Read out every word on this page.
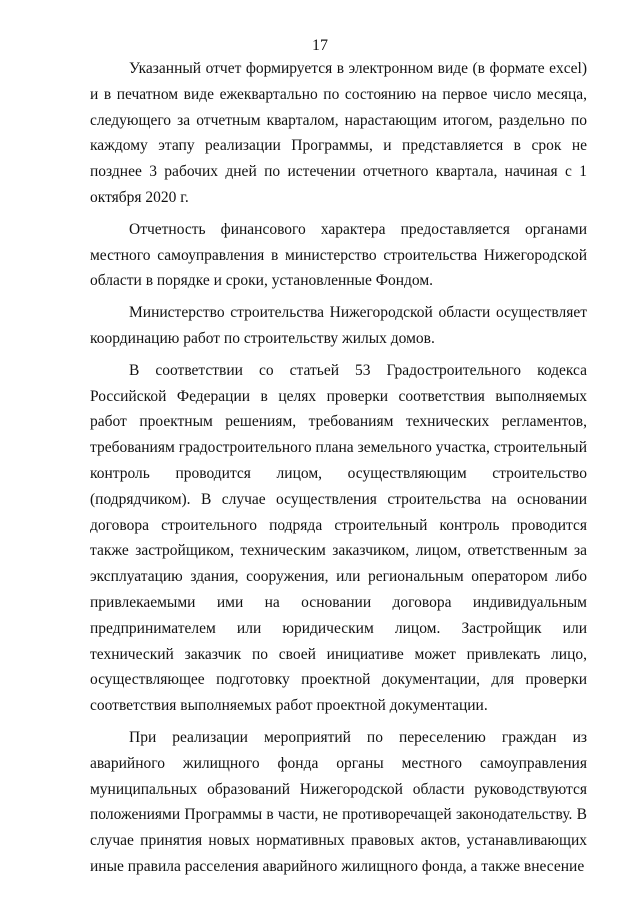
17

Указанный отчет формируется в электронном виде (в формате excel) и в печатном виде ежеквартально по состоянию на первое число месяца, следующего за отчетным кварталом, нарастающим итогом, раздельно по каждому этапу реализации Программы, и представляется в срок не позднее 3 рабочих дней по истечении отчетного квартала, начиная с 1 октября 2020 г.

Отчетность финансового характера предоставляется органами местного самоуправления в министерство строительства Нижегородской области в порядке и сроки, установленные Фондом.

Министерство строительства Нижегородской области осуществляет координацию работ по строительству жилых домов.

В соответствии со статьей 53 Градостроительного кодекса Российской Федерации в целях проверки соответствия выполняемых работ проектным решениям, требованиям технических регламентов, требованиям градостроительного плана земельного участка, строительный контроль проводится лицом, осуществляющим строительство (подрядчиком). В случае осуществления строительства на основании договора строительного подряда строительный контроль проводится также застройщиком, техническим заказчиком, лицом, ответственным за эксплуатацию здания, сооружения, или региональным оператором либо привлекаемыми ими на основании договора индивидуальным предпринимателем или юридическим лицом. Застройщик или технический заказчик по своей инициативе может привлекать лицо, осуществляющее подготовку проектной документации, для проверки соответствия выполняемых работ проектной документации.

При реализации мероприятий по переселению граждан из аварийного жилищного фонда органы местного самоуправления муниципальных образований Нижегородской области руководствуются положениями Программы в части, не противоречащей законодательству. В случае принятия новых нормативных правовых актов, устанавливающих иные правила расселения аварийного жилищного фонда, а также внесение
